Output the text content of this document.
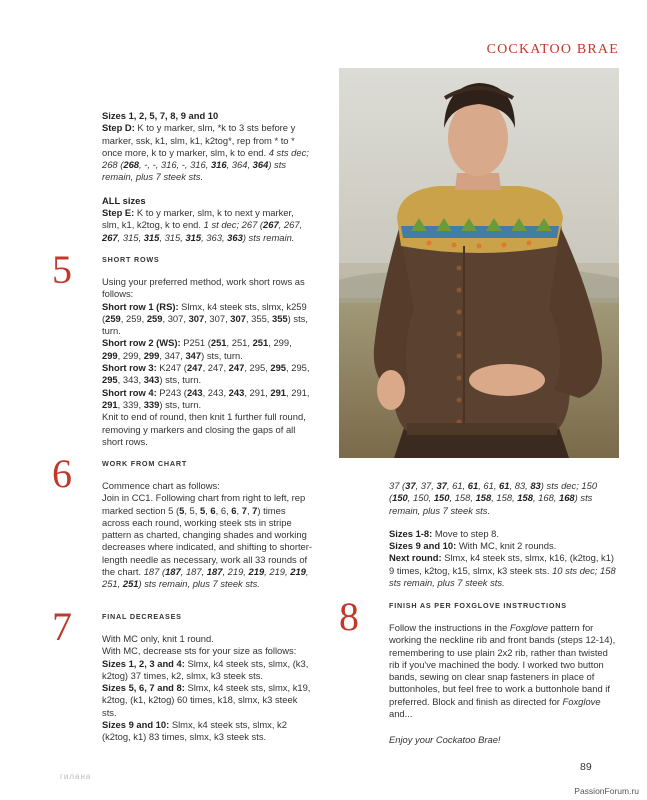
COCKATOO BRAE

Sizes 1, 2, 5, 7, 8, 9 and 10

Step D: K to y marker, slm, *k to 3 sts before y marker, ssk, k1, slm, k1, k2tog*, rep from * to * once more, k to y marker, slm, k to end. 4 sts dec; 268 (268, -, -, 316, -, 316, 316, 364, 364) sts remain, plus 7 steek sts.

ALL sizes

Step E: K to y marker, slm, k to next y marker, slm, k1, k2tog, k to end. 1 st dec; 267 (267, 267, 267, 315, 315, 315, 315, 363, 363) sts remain.

5	SHORT ROWS

Using your preferred method, work short rows as follows:

Short row 1 (RS): Slmx, k4 steek sts, slmx, k259 (259, 259, 259, 307, 307, 307, 307, 355, 355) sts, turn.

Short row 2 (WS): P251 (251, 251, 251, 299, 299, 299, 299, 347, 347) sts, turn.

Short row 3: K247 (247, 247, 247, 295, 295, 295, 295, 343, 343) sts, turn.

Short row 4: P243 (243, 243, 243, 291, 291, 291, 291, 339, 339) sts, turn.

Knit to end of round, then knit 1 further full round, removing y markers and closing the gaps of all short rows.

6	WORK FROM CHART

Commence chart as follows:

Join in CC1. Following chart from right to left, rep marked section 5 (5, 5, 5, 6, 6, 6, 7, 7) times across each round, working steek sts in stripe pattern as charted, changing shades and working decreases where indicated, and shifting to shorter-length needle as necessary, work all 33 rounds of the chart. 187 (187, 187, 187, 219, 219, 219, 219, 251, 251) sts remain, plus 7 steek sts.

7	FINAL DECREASES

With MC only, knit 1 round.

With MC, decrease sts for your size as follows:

Sizes 1, 2, 3 and 4: Slmx, k4 steek sts, slmx, (k3, k2tog) 37 times, k2, slmx, k3 steek sts.

Sizes 5, 6, 7 and 8: Slmx, k4 steek sts, slmx, k19, k2tog, (k1, k2tog) 60 times, k18, slmx, k3 steek sts.

Sizes 9 and 10: Slmx, k4 steek sts, slmx, k2 (k2tog, k1) 83 times, slmx, k3 steek sts.

37 (37, 37, 37, 61, 61, 61, 61, 83, 83) sts dec; 150 (150, 150, 150, 158, 158, 158, 158, 168, 168) sts remain, plus 7 steek sts.

Sizes 1-8: Move to step 8.

Sizes 9 and 10: With MC, knit 2 rounds.

Next round: Slmx, k4 steek sts, slmx, k16, (k2tog, k1) 9 times, k2tog, k15, slmx, k3 steek sts. 10 sts dec; 158 sts remain, plus 7 steek sts.

8	FINISH AS PER FOXGLOVE INSTRUCTIONS

Follow the instructions in the Foxglove pattern for working the neckline rib and front bands (steps 12-14), remembering to use plain 2x2 rib, rather than twisted rib if you've machined the body. I worked two button bands, sewing on clear snap fasteners in place of buttonholes, but feel free to work a buttonhole band if preferred. Block and finish as directed for Foxglove and...

Enjoy your Cockatoo Brae!

гилана
89
PassionForum.ru
